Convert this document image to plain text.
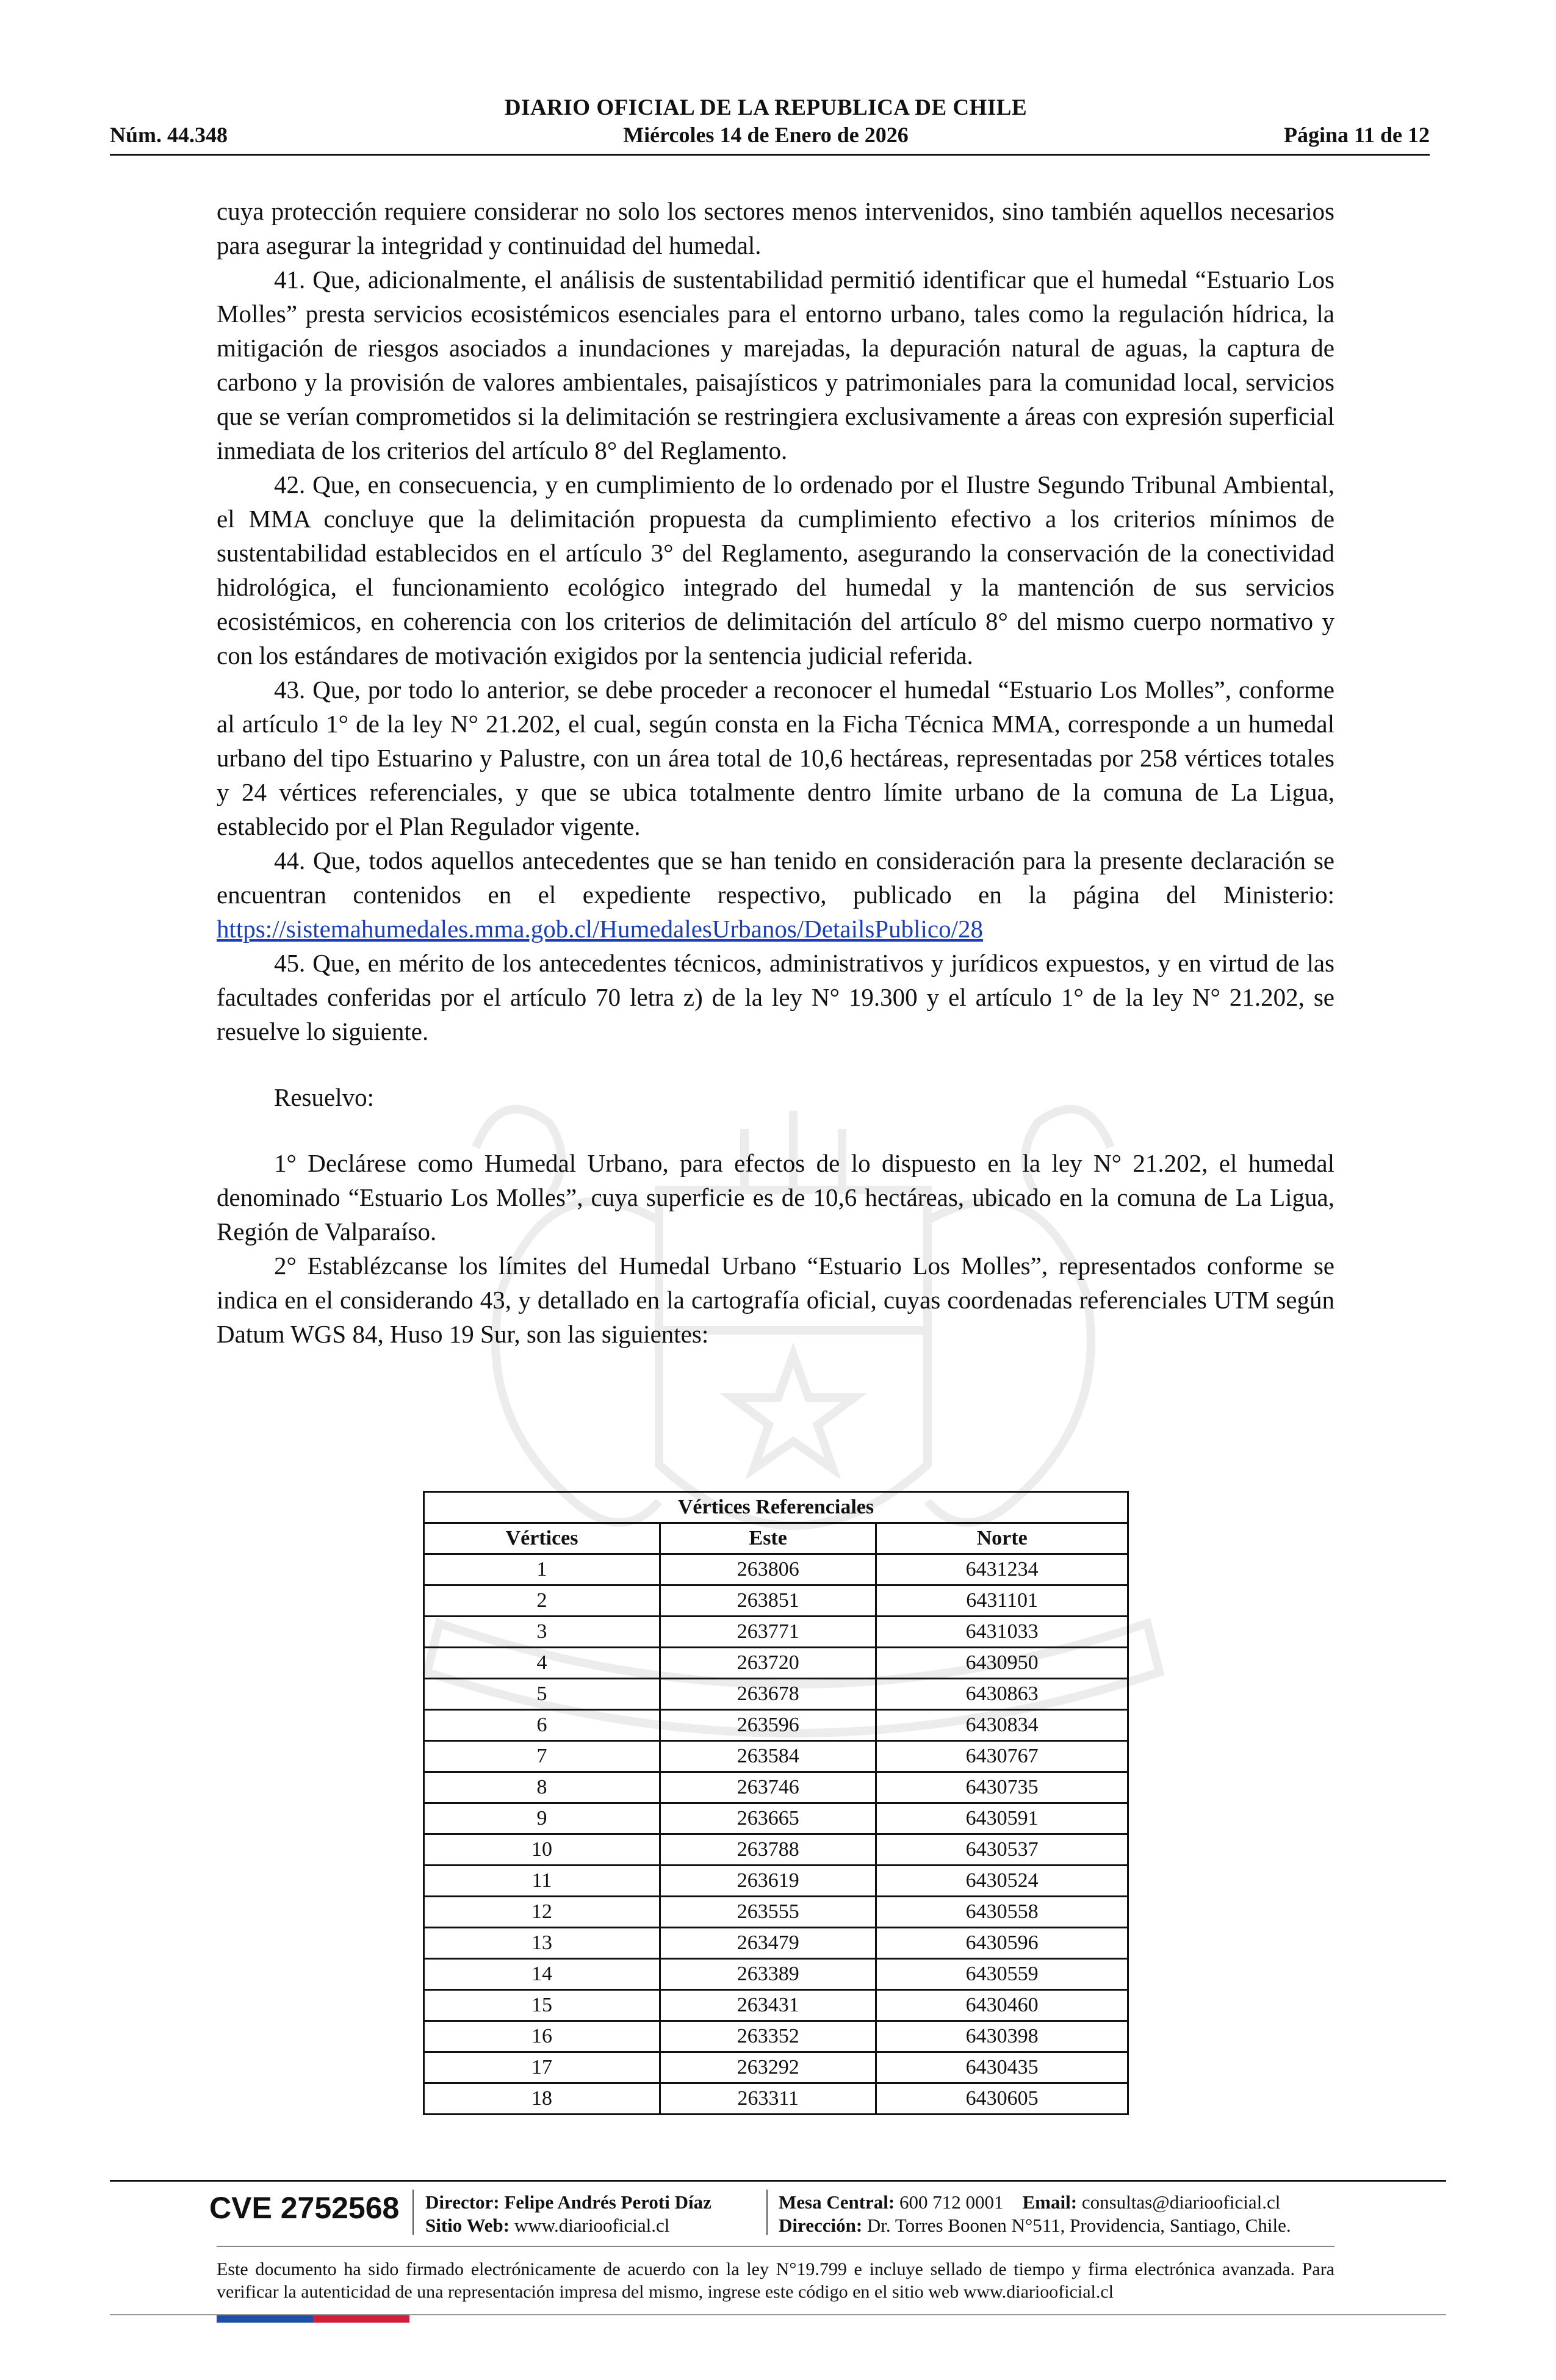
DIARIO OFICIAL DE LA REPUBLICA DE CHILE
Núm. 44.348	Miércoles 14 de Enero de 2026	Página 11 de 12

cuya protección requiere considerar no solo los sectores menos intervenidos, sino también aquellos necesarios para asegurar la integridad y continuidad del humedal.

41. Que, adicionalmente, el análisis de sustentabilidad permitió identificar que el humedal “Estuario Los Molles” presta servicios ecosistémicos esenciales para el entorno urbano, tales como la regulación hídrica, la mitigación de riesgos asociados a inundaciones y marejadas, la depuración natural de aguas, la captura de carbono y la provisión de valores ambientales, paisajísticos y patrimoniales para la comunidad local, servicios que se verían comprometidos si la delimitación se restringiera exclusivamente a áreas con expresión superficial inmediata de los criterios del artículo 8° del Reglamento.

42. Que, en consecuencia, y en cumplimiento de lo ordenado por el Ilustre Segundo Tribunal Ambiental, el MMA concluye que la delimitación propuesta da cumplimiento efectivo a los criterios mínimos de sustentabilidad establecidos en el artículo 3° del Reglamento, asegurando la conservación de la conectividad hidrológica, el funcionamiento ecológico integrado del humedal y la mantención de sus servicios ecosistémicos, en coherencia con los criterios de delimitación del artículo 8° del mismo cuerpo normativo y con los estándares de motivación exigidos por la sentencia judicial referida.

43. Que, por todo lo anterior, se debe proceder a reconocer el humedal “Estuario Los Molles”, conforme al artículo 1° de la ley N° 21.202, el cual, según consta en la Ficha Técnica MMA, corresponde a un humedal urbano del tipo Estuarino y Palustre, con un área total de 10,6 hectáreas, representadas por 258 vértices totales y 24 vértices referenciales, y que se ubica totalmente dentro límite urbano de la comuna de La Ligua, establecido por el Plan Regulador vigente.

44. Que, todos aquellos antecedentes que se han tenido en consideración para la presente declaración se encuentran contenidos en el expediente respectivo, publicado en la página del Ministerio: https://sistemahumedales.mma.gob.cl/HumedalesUrbanos/DetailsPublico/28

45. Que, en mérito de los antecedentes técnicos, administrativos y jurídicos expuestos, y en virtud de las facultades conferidas por el artículo 70 letra z) de la ley N° 19.300 y el artículo 1° de la ley N° 21.202, se resuelve lo siguiente.

Resuelvo:

1° Declárese como Humedal Urbano, para efectos de lo dispuesto en la ley N° 21.202, el humedal denominado “Estuario Los Molles”, cuya superficie es de 10,6 hectáreas, ubicado en la comuna de La Ligua, Región de Valparaíso.

2° Establézcanse los límites del Humedal Urbano “Estuario Los Molles”, representados conforme se indica en el considerando 43, y detallado en la cartografía oficial, cuyas coordenadas referenciales UTM según Datum WGS 84, Huso 19 Sur, son las siguientes:

Vértices Referenciales		
Vértices	Este	Norte
1	263806	6431234
2	263851	6431101
3	263771	6431033
4	263720	6430950
5	263678	6430863
6	263596	6430834
7	263584	6430767
8	263746	6430735
9	263665	6430591
10	263788	6430537
11	263619	6430524
12	263555	6430558
13	263479	6430596
14	263389	6430559
15	263431	6430460
16	263352	6430398
17	263292	6430435
18	263311	6430605
CVE 2752568 Director: Felipe Andrés Peroti Díaz
Sitio Web: www.diariooficial.cl
Mesa Central: 600 712 0001 Email: consultas@diariooficial.cl
Dirección: Dr. Torres Boonen N°511, Providencia, Santiago, Chile.
Este documento ha sido firmado electrónicamente de acuerdo con la ley N°19.799 e incluye sellado de tiempo y firma electrónica avanzada. Para verificar la autenticidad de una representación impresa del mismo, ingrese este código en el sitio web www.diariooficial.cl
